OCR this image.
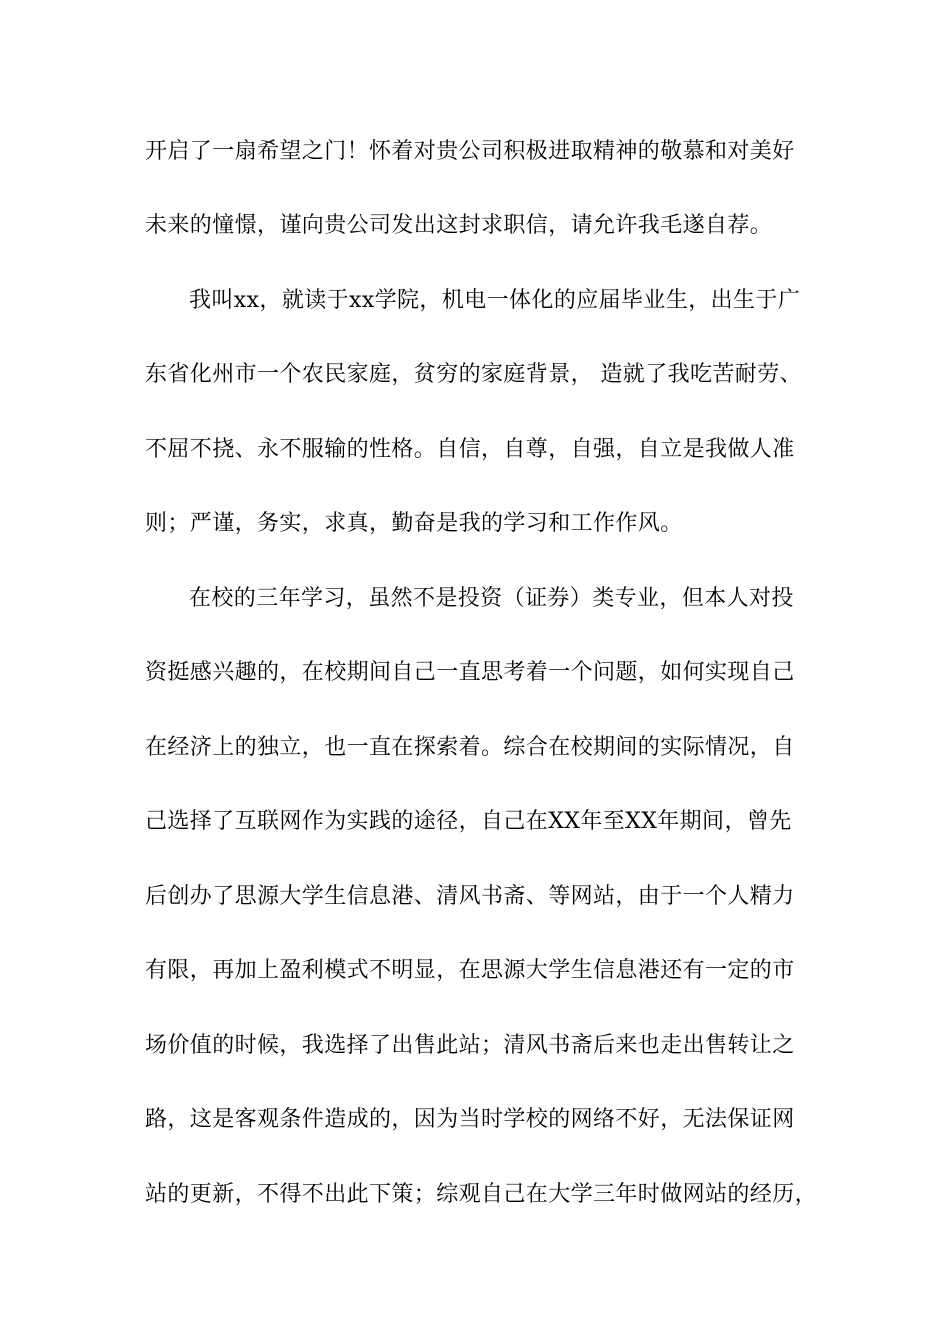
开启了一扇希望之门！怀着对贵公司积极进取精神的敬慕和对美好
未来的憧憬，谨向贵公司发出这封求职信，请允许我毛遂自荐。
我叫xx，就读于xx学院，机电一体化的应届毕业生，出生于广
东省化州市一个农民家庭，贫穷的家庭背景， 造就了我吃苦耐劳、
不屈不挠、永不服输的性格。自信，自尊，自强，自立是我做人准
则；严谨，务实，求真，勤奋是我的学习和工作作风。
在校的三年学习，虽然不是投资（证券）类专业，但本人对投
资挺感兴趣的，在校期间自己一直思考着一个问题，如何实现自己
在经济上的独立，也一直在探索着。综合在校期间的实际情况，自
己选择了互联网作为实践的途径，自己在XX年至XX年期间，曾先
后创办了思源大学生信息港、清风书斋、等网站，由于一个人精力
有限，再加上盈利模式不明显，在思源大学生信息港还有一定的市
场价值的时候，我选择了出售此站；清风书斋后来也走出售转让之
路，这是客观条件造成的，因为当时学校的网络不好，无法保证网
站的更新，不得不出此下策；综观自己在大学三年时做网站的经历，
